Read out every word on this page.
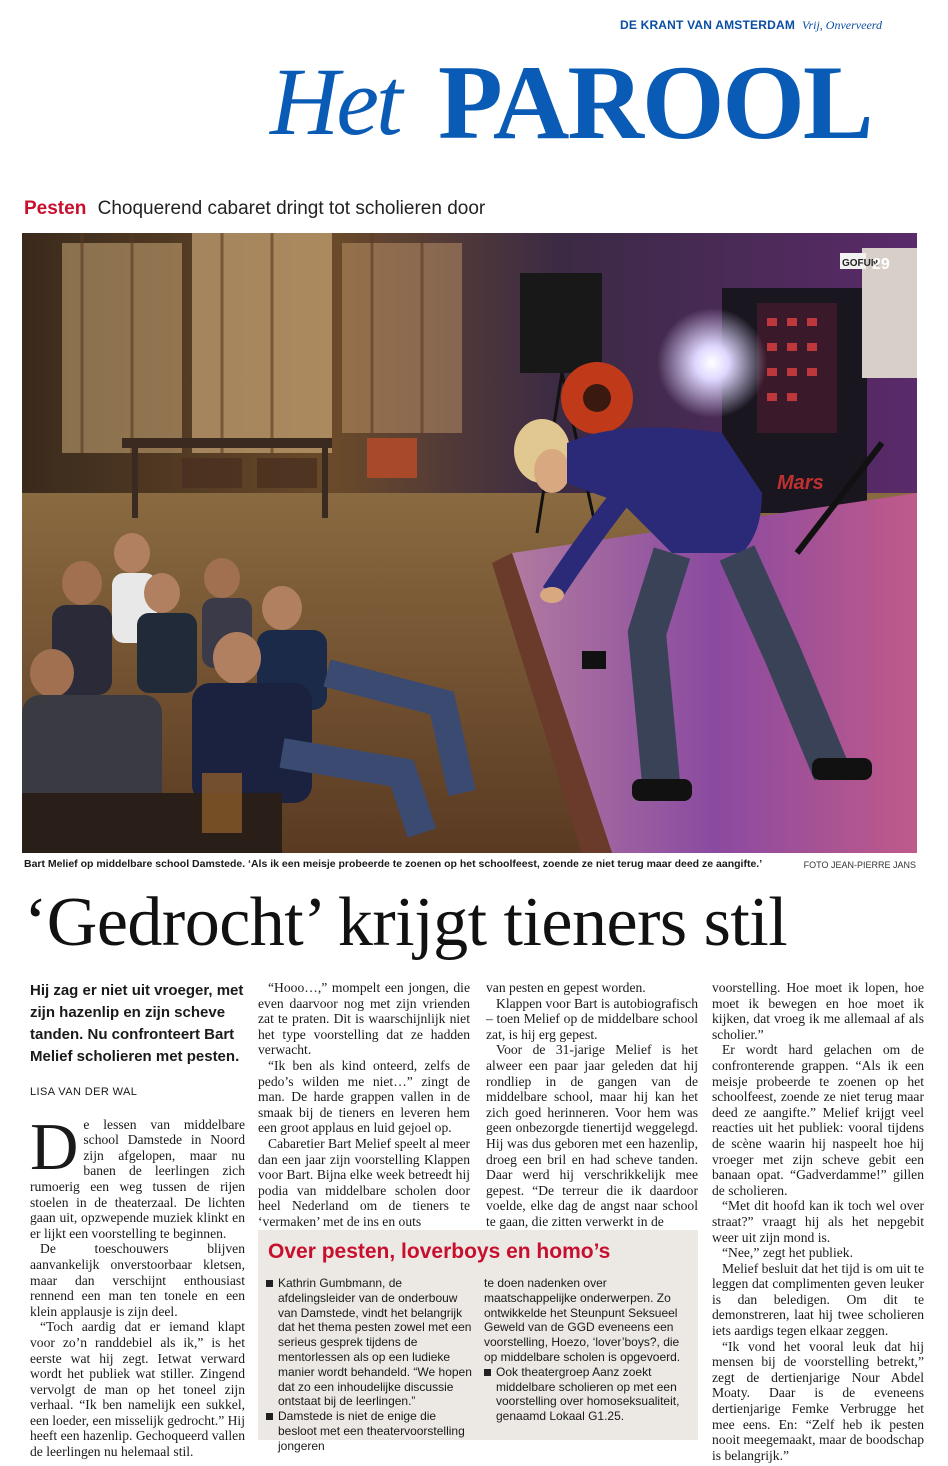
DE KRANT VAN AMSTERDAM Vrij, Onverveerd
Het PAROOL
Pesten Choquerend cabaret dringt tot scholieren door
Mars
GOFUN
29
Bart Melief op middelbare school Damstede. ‘Als ik een meisje probeerde te zoenen op het schoolfeest, zoende ze niet terug maar deed ze aangifte.’	FOTO JEAN-PIERRE JANS
‘Gedrocht’ krijgt tieners stil
Hij zag er niet uit vroeger, met zijn hazenlip en zijn scheve tanden. Nu confronteert Bart Melief scholieren met pesten.
LISA VAN DER WAL

De lessen van middelbare school Damstede in Noord zijn afgelopen, maar nu banen de leerlingen zich rumoerig een weg tussen de rijen stoelen in de theaterzaal. De lichten gaan uit, opzwepende muziek klinkt en er lijkt een voorstelling te beginnen.

De toeschouwers blijven aanvankelijk onverstoorbaar kletsen, maar dan verschijnt enthousiast rennend een man ten tonele en een klein applausje is zijn deel.

“Toch aardig dat er iemand klapt voor zo’n randdebiel als ik,” is het eerste wat hij zegt. Ietwat verward wordt het publiek wat stiller. Zingend vervolgt de man op het toneel zijn verhaal. “Ik ben namelijk een sukkel, een loeder, een misselijk gedrocht.” Hij heeft een hazenlip. Gechoqueerd vallen de leerlingen nu helemaal stil.

“Hooo…,” mompelt een jongen, die even daarvoor nog met zijn vrienden zat te praten. Dit is waarschijnlijk niet het type voorstelling dat ze hadden verwacht.

“Ik ben als kind onteerd, zelfs de pedo’s wilden me niet…” zingt de man. De harde grappen vallen in de smaak bij de tieners en leveren hem een groot applaus en luid gejoel op.

Cabaretier Bart Melief speelt al meer dan een jaar zijn voorstelling Klappen voor Bart. Bijna elke week betreedt hij podia van middelbare scholen door heel Nederland om de tieners te ‘vermaken’ met de ins en outs

van pesten en gepest worden.

Klappen voor Bart is autobiografisch – toen Melief op de middelbare school zat, is hij erg gepest.

Voor de 31-jarige Melief is het alweer een paar jaar geleden dat hij rondliep in de gangen van de middelbare school, maar hij kan het zich goed herinneren. Voor hem was geen onbezorgde tienertijd weggelegd. Hij was dus geboren met een hazenlip, droeg een bril en had scheve tanden. Daar werd hij verschrikkelijk mee gepest. “De terreur die ik daardoor voelde, elke dag de angst naar school te gaan, die zitten verwerkt in de

voorstelling. Hoe moet ik lopen, hoe moet ik bewegen en hoe moet ik kijken, dat vroeg ik me allemaal af als scholier.”

Er wordt hard gelachen om de confronterende grappen. “Als ik een meisje probeerde te zoenen op het schoolfeest, zoende ze niet terug maar deed ze aangifte.” Melief krijgt veel reacties uit het publiek: vooral tijdens de scène waarin hij naspeelt hoe hij vroeger met zijn scheve gebit een banaan opat. “Gadverdamme!” gillen de scholieren.

“Met dit hoofd kan ik toch wel over straat?” vraagt hij als het nepgebit weer uit zijn mond is.

“Nee,” zegt het publiek.

Melief besluit dat het tijd is om uit te leggen dat complimenten geven leuker is dan beledigen. Om dit te demonstreren, laat hij twee scholieren iets aardigs tegen elkaar zeggen.

“Ik vond het vooral leuk dat hij mensen bij de voorstelling betrekt,” zegt de dertienjarige Nour Abdel Moaty. Daar is de eveneens dertienjarige Femke Verbrugge het mee eens. En: “Zelf heb ik pesten nooit meegemaakt, maar de boodschap is belangrijk.”

Over pesten, loverboys en homo’s
Kathrin Gumbmann, de afdelingsleider van de onderbouw van Damstede, vindt het belangrijk dat het thema pesten zowel met een serieus gesprek tijdens de mentorlessen als op een ludieke manier wordt behandeld. “We hopen dat zo een inhoudelijke discussie ontstaat bij de leerlingen.”
Damstede is niet de enige die besloot met een theatervoorstelling jongeren
te doen nadenken over maatschappelijke onderwerpen. Zo ontwikkelde het Steunpunt Seksueel Geweld van de GGD eveneens een voorstelling, Hoezo, ‘lover’boys?, die op middelbare scholen is opgevoerd.
Ook theatergroep Aanz zoekt middelbare scholieren op met een voorstelling over homoseksualiteit, genaamd Lokaal G1.25.
